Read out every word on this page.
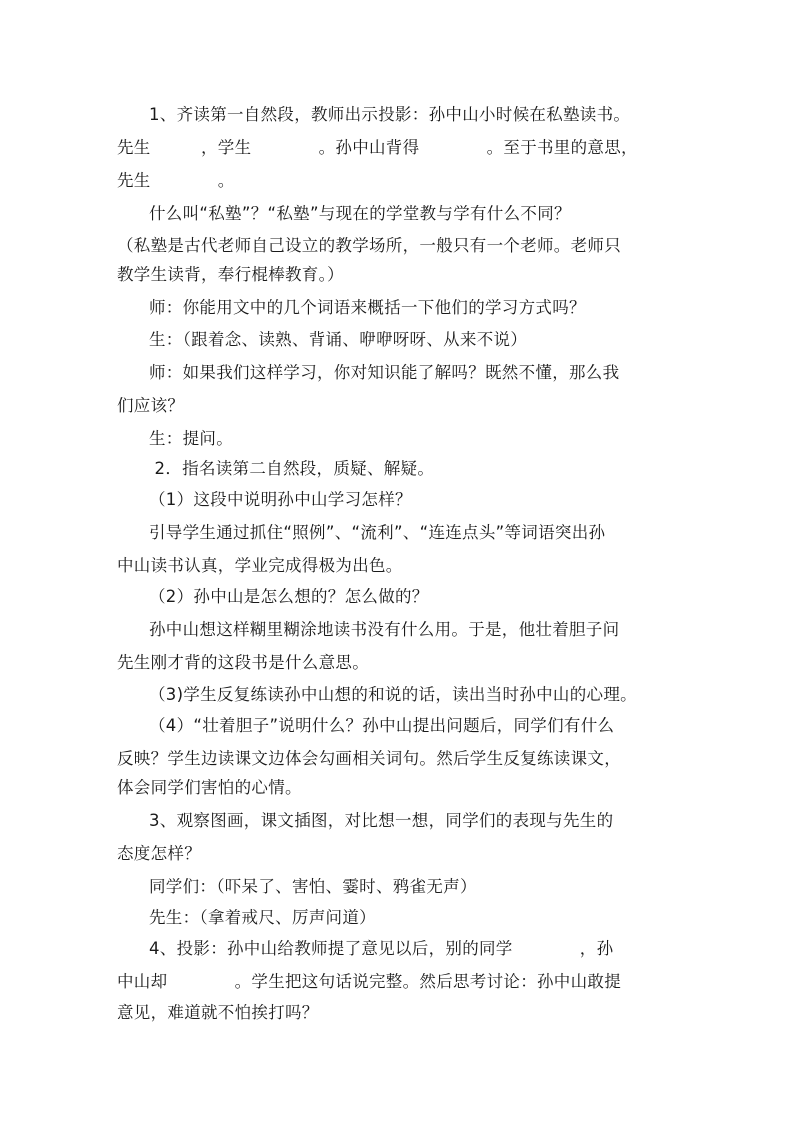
1、齐读第一自然段，教师出示投影：孙中山小时候在私塾读书。
先生　　　，学生　　　　。孙中山背得　　　　。至于书里的意思，
先生　　　　。
什么叫“私塾”？“私塾”与现在的学堂教与学有什么不同？
（私塾是古代老师自己设立的教学场所，一般只有一个老师。老师只
教学生读背，奉行棍棒教育。）
师：你能用文中的几个词语来概括一下他们的学习方式吗？
生：（跟着念、读熟、背诵、咿咿呀呀、从来不说）
师：如果我们这样学习，你对知识能了解吗？既然不懂，那么我
们应该？
生：提问。
2．指名读第二自然段，质疑、解疑。
（1）这段中说明孙中山学习怎样？
引导学生通过抓住“照例”、“流利”、“连连点头”等词语突出孙
中山读书认真，学业完成得极为出色。
（2）孙中山是怎么想的？怎么做的？
孙中山想这样糊里糊涂地读书没有什么用。于是，他壮着胆子问
先生刚才背的这段书是什么意思。
（3)学生反复练读孙中山想的和说的话，读出当时孙中山的心理。
（4）“壮着胆子”说明什么？孙中山提出问题后，同学们有什么
反映？学生边读课文边体会勾画相关词句。然后学生反复练读课文，
体会同学们害怕的心情。
3、观察图画，课文插图，对比想一想，同学们的表现与先生的
态度怎样？
同学们：（吓呆了、害怕、霎时、鸦雀无声）
先生：（拿着戒尺、厉声问道）
4、投影：孙中山给教师提了意见以后，别的同学　　　　，孙
中山却　　　　。学生把这句话说完整。然后思考讨论：孙中山敢提
意见，难道就不怕挨打吗？
